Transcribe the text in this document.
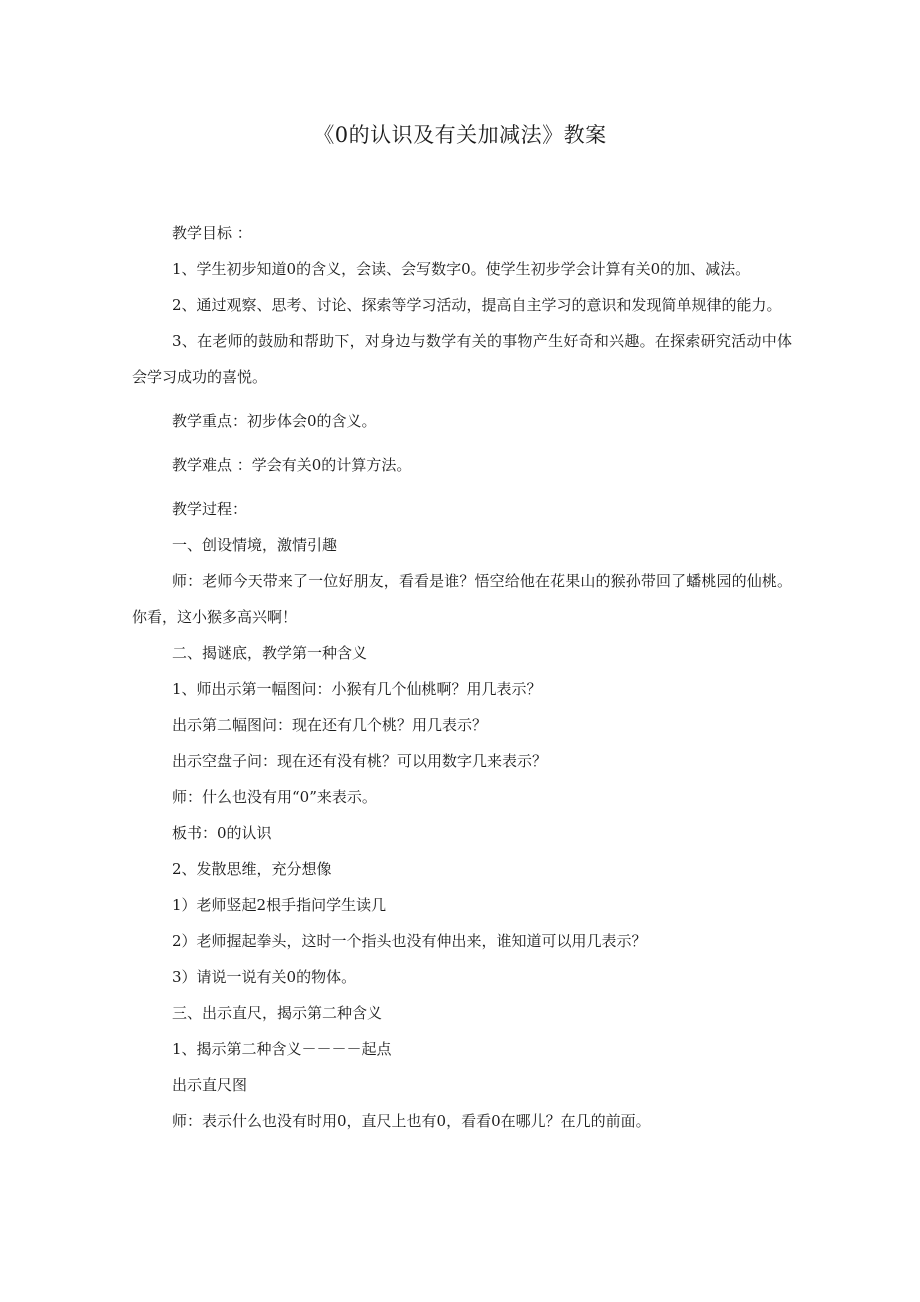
《0的认识及有关加减法》教案

教学目标 ：

1、学生初步知道0的含义，会读、会写数字0。使学生初步学会计算有关0的加、减法。

2、通过观察、思考、讨论、探索等学习活动，提高自主学习的意识和发现简单规律的能力。

3、在老师的鼓励和帮助下，对身边与数学有关的事物产生好奇和兴趣。在探索研究活动中体会学习成功的喜悦。

教学重点：初步体会0的含义。

教学难点 ：学会有关0的计算方法。

教学过程：

一、创设情境，激情引趣

师：老师今天带来了一位好朋友，看看是谁？悟空给他在花果山的猴孙带回了蟠桃园的仙桃。你看，这小猴多高兴啊！

二、揭谜底，教学第一种含义

1、师出示第一幅图问：小猴有几个仙桃啊？用几表示？

出示第二幅图问：现在还有几个桃？用几表示？

出示空盘子问：现在还有没有桃？可以用数字几来表示？

师：什么也没有用“0”来表示。

板书：0的认识

2、发散思维，充分想像

1）老师竖起2根手指问学生读几

2）老师握起拳头，这时一个指头也没有伸出来，谁知道可以用几表示？

3）请说一说有关0的物体。

三、出示直尺，揭示第二种含义

1、揭示第二种含义－－－－起点

出示直尺图

师：表示什么也没有时用0，直尺上也有0，看看0在哪儿？在几的前面。
